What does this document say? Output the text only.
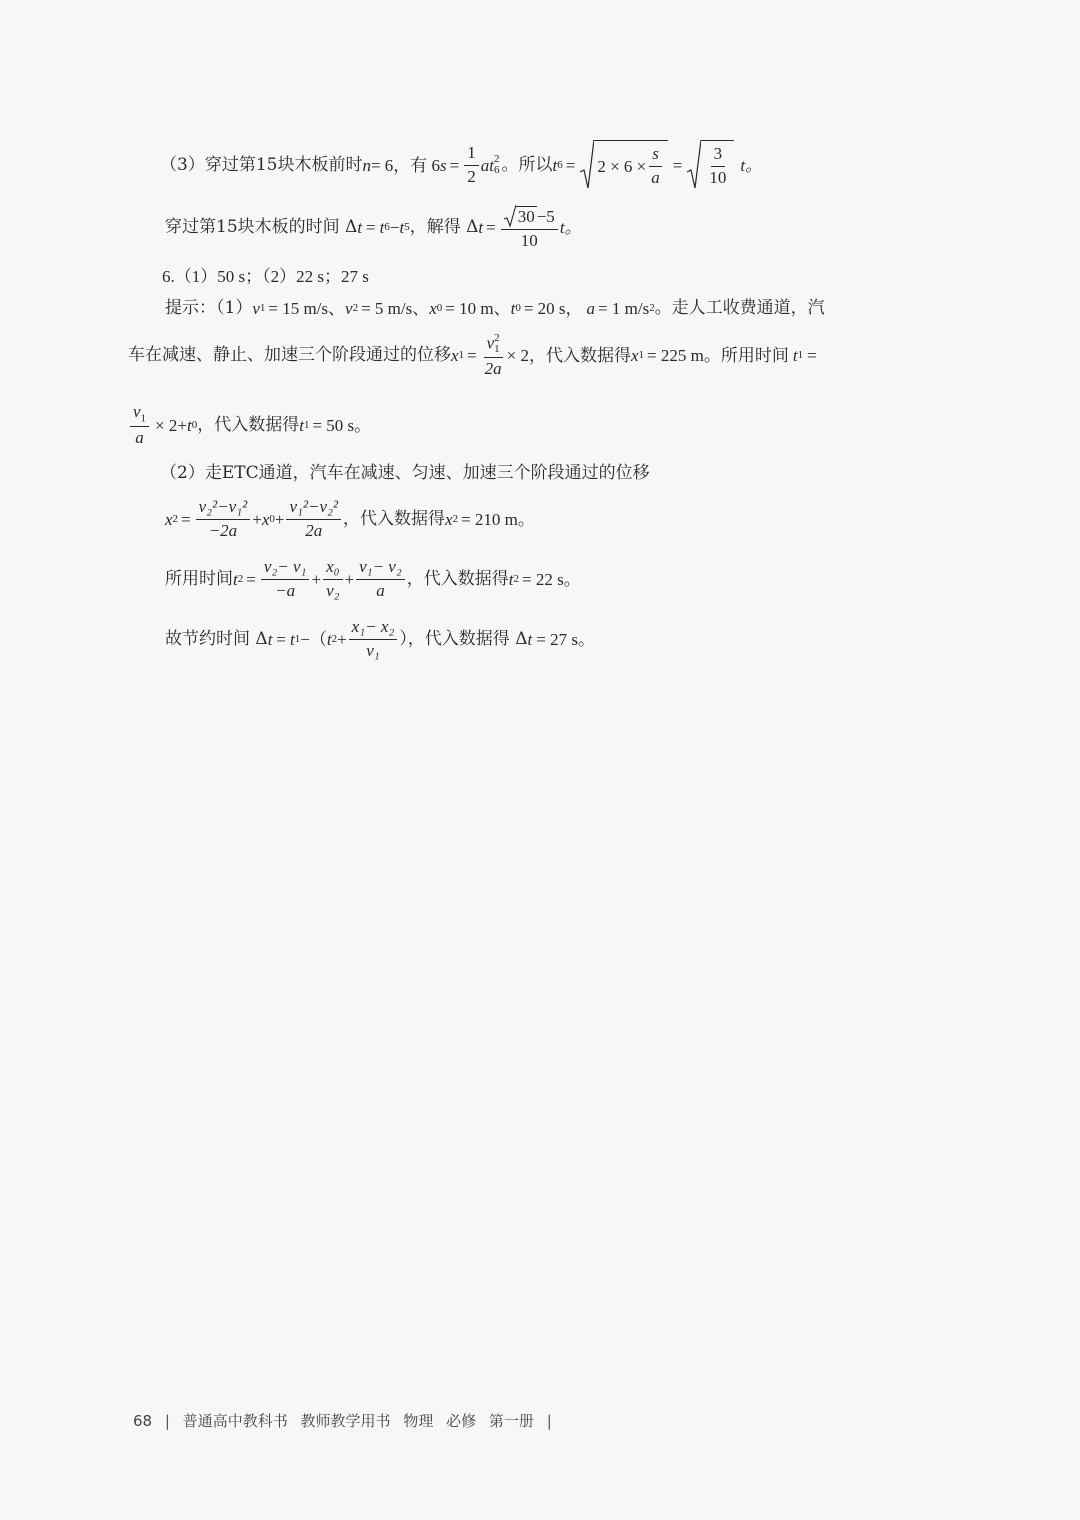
（3）穿过第15块木板前时 n = 6，有 6 $s = \frac{1}{2}$ at 2
6 。所以 t $6 = 2 \times 6 \times \frac{s}{a} = \frac{3}{10}$ t。
穿过第15块木板的时间 Δ t = t 6 − t 5 ，解得 Δ $t = \frac{30 -5}{10}$ t。
6.（1）50 s；（2）22 s；27 s
提示：（1） v 1 = 15 m/s、 v 2 = 5 m/s、 x 0 = 10 m、 t 0 = 20 s， a = 1 m/s 2 。走人工收费通道，汽
车在减速、静止、加速三个阶段通过的位移 x 1 = v 2
1
2a × 2，代入数据得 x 1 = 225 m。所用时间 t 1 =
$\frac{v_1}{a} \times 2+ t$ 0 ，代入数据得 t 1 = 50 s。
（2）走ETC通道，汽车在减速、匀速、加速三个阶段通过的位移
x $2 = \frac{\text{v₂²−v₁²}}{-2a} + x$ $0 + \frac{\text{v₁²−v₂²}}{2a}$ ，代入数据得 x 2 = 210 m。
所用时间 t $2 = \frac{\text{v₂− v₁}}{-a} + \frac{\text{x₀}}{\text{v₂}} + \frac{\text{v₁− v₂}}{a}$ ，代入数据得 t 2 = 22 s。
故节约时间 Δ t = t 1 −（ t $2 + \frac{\text{x₁− x₂}}{\text{v₁}}$ ），代入数据得 Δ t = 27 s。
68 | 普通高中教科书 教师教学用书 物理 必修 第一册 |
